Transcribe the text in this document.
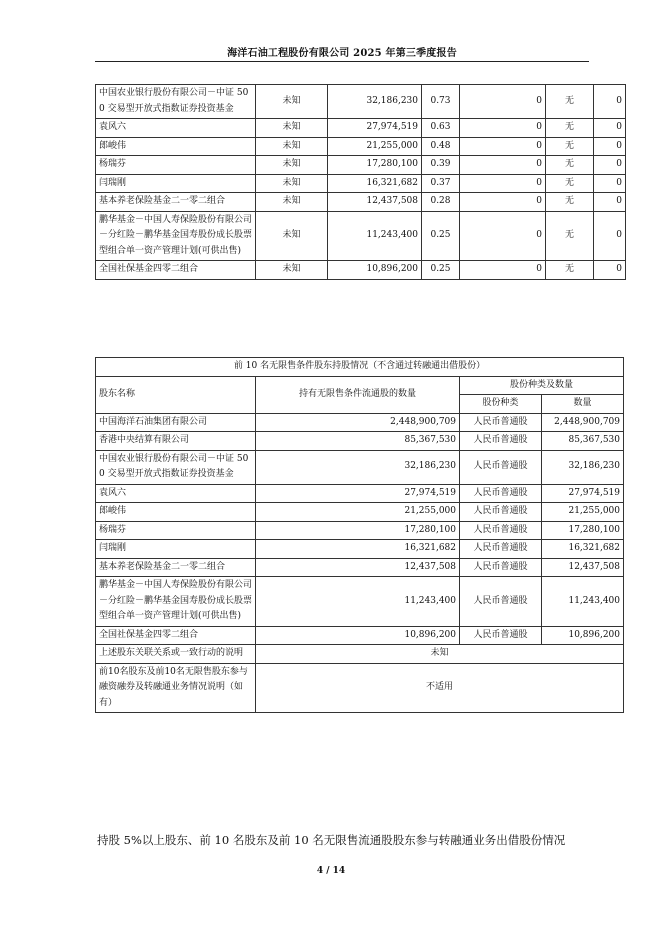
海洋石油工程股份有限公司 2025 年第三季度报告
中国农业银行股份有限公司－中证 500 交易型开放式指数证券投资基金	未知	32,186,230	0.73	0	无	0
袁风六	未知	27,974,519	0.63	0	无	0
郎峻伟	未知	21,255,000	0.48	0	无	0
杨瑞芬	未知	17,280,100	0.39	0	无	0
闫瑞刚	未知	16,321,682	0.37	0	无	0
基本养老保险基金二一零二组合	未知	12,437,508	0.28	0	无	0
鹏华基金－中国人寿保险股份有限公司－分红险－鹏华基金国寿股份成长股票型组合单一资产管理计划(可供出售)	未知	11,243,400	0.25	0	无	0
全国社保基金四零二组合	未知	10,896,200	0.25	0	无	0
前 10 名无限售条件股东持股情况（不含通过转融通出借股份）			
股东名称	持有无限售条件流通股的数量	股份种类及数量	
		股份种类	数量
中国海洋石油集团有限公司	2,448,900,709	人民币普通股	2,448,900,709
香港中央结算有限公司	85,367,530	人民币普通股	85,367,530
中国农业银行股份有限公司－中证 500 交易型开放式指数证券投资基金	32,186,230	人民币普通股	32,186,230
袁风六	27,974,519	人民币普通股	27,974,519
郎峻伟	21,255,000	人民币普通股	21,255,000
杨瑞芬	17,280,100	人民币普通股	17,280,100
闫瑞刚	16,321,682	人民币普通股	16,321,682
基本养老保险基金二一零二组合	12,437,508	人民币普通股	12,437,508
鹏华基金－中国人寿保险股份有限公司－分红险－鹏华基金国寿股份成长股票型组合单一资产管理计划(可供出售)	11,243,400	人民币普通股	11,243,400
全国社保基金四零二组合	10,896,200	人民币普通股	10,896,200
上述股东关联关系或一致行动的说明	未知		
前10名股东及前10名无限售股东参与融资融券及转融通业务情况说明（如有）	不适用		
持股 5%以上股东、前 10 名股东及前 10 名无限售流通股股东参与转融通业务出借股份情况
4 / 14
